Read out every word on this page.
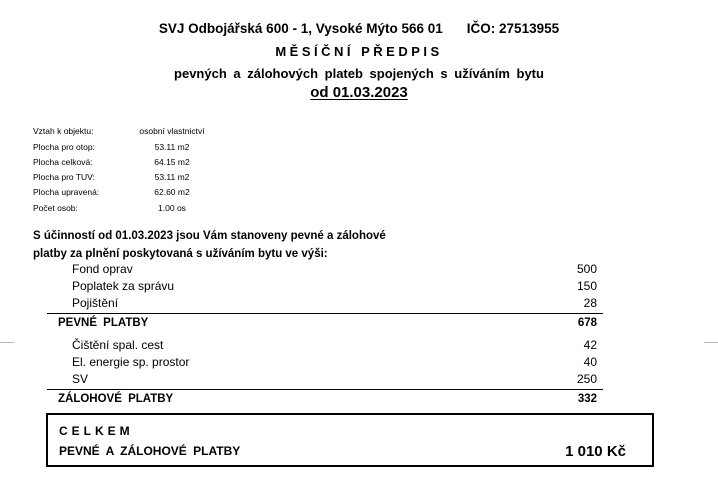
SVJ Odbojářská 600 - 1, Vysoké Mýto 566 01 IČO: 27513955
MĚSÍČNÍ PŘEDPIS
pevných a zálohových plateb spojených s užíváním bytu
od 01.03.2023
Vztah k objektu:	osobní vlastnictví
Plocha pro otop:	53.11 m2
Plocha celková:	64.15 m2
Plocha pro TUV:	53.11 m2
Plocha upravená:	62.60 m2
Počet osob:	1.00 os
S účinností od 01.03.2023 jsou Vám stanoveny pevné a zálohové
platby za plnění poskytovaná s užíváním bytu ve výši:
Fond oprav	500
Poplatek za správu	150
Pojištění	28
PEVNÉ PLATBY	678
Čištění spal. cest	42
El. energie sp. prostor	40
SV	250
ZÁLOHOVÉ PLATBY	332
CELKEM
PEVNÉ A ZÁLOHOVÉ PLATBY	1 010 Kč
